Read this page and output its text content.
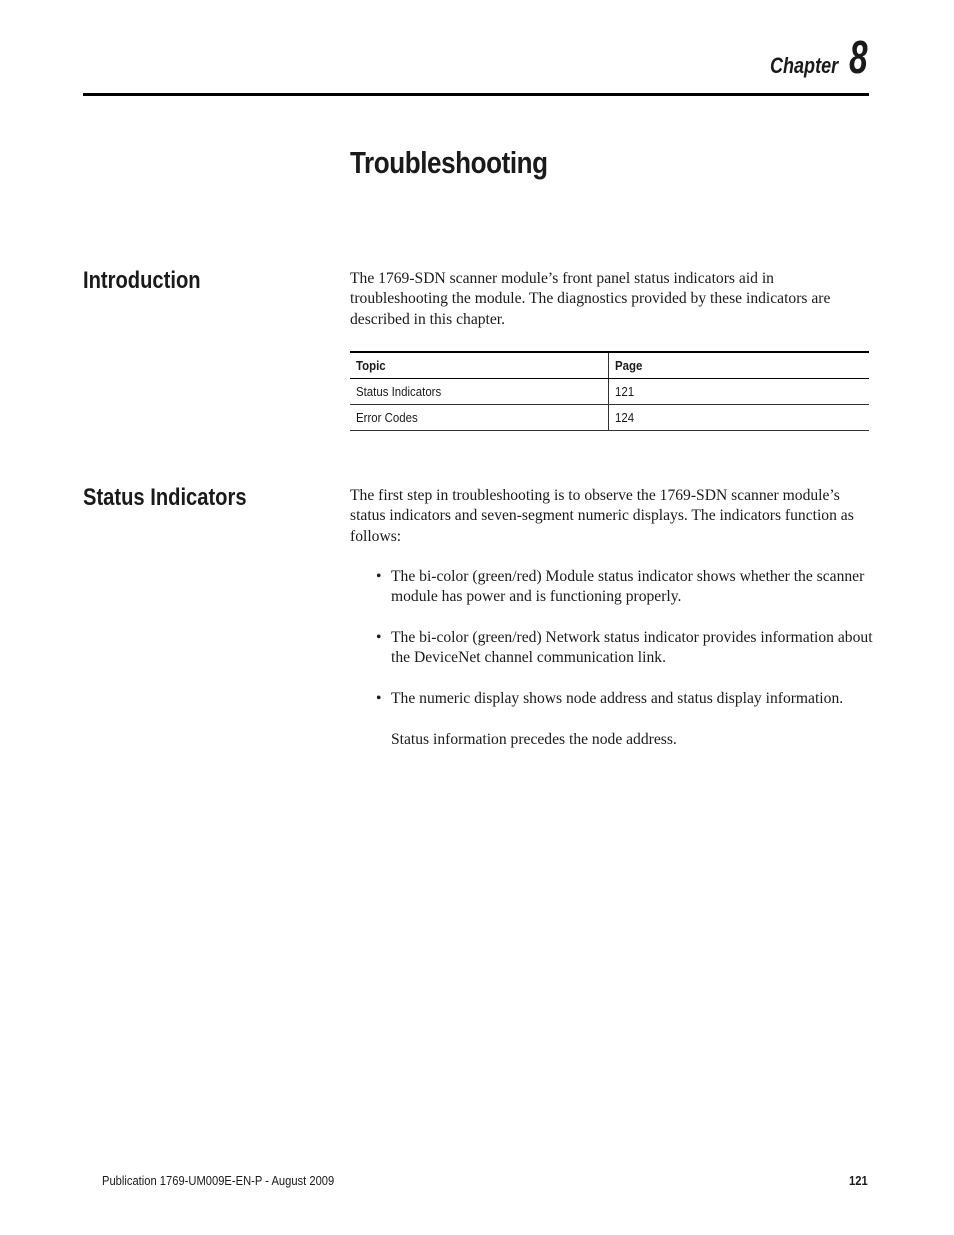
Chapter 8
Troubleshooting
Introduction	The 1769-SDN scanner module’s front panel status indicators aid in troubleshooting the module. The diagnostics provided by these indicators are described in this chapter.

Topic	Page
Status Indicators	121
Error Codes	124
Status Indicators	The first step in troubleshooting is to observe the 1769-SDN scanner module’s status indicators and seven-segment numeric displays. The indicators function as follows:

• The bi-color (green/red) Module status indicator shows whether the scanner module has power and is functioning properly.
• The bi-color (green/red) Network status indicator provides information about the DeviceNet channel communication link.
• The numeric display shows node address and status display information.

Status information precedes the node address.

Publication 1769-UM009E-EN-P - August 2009	121
